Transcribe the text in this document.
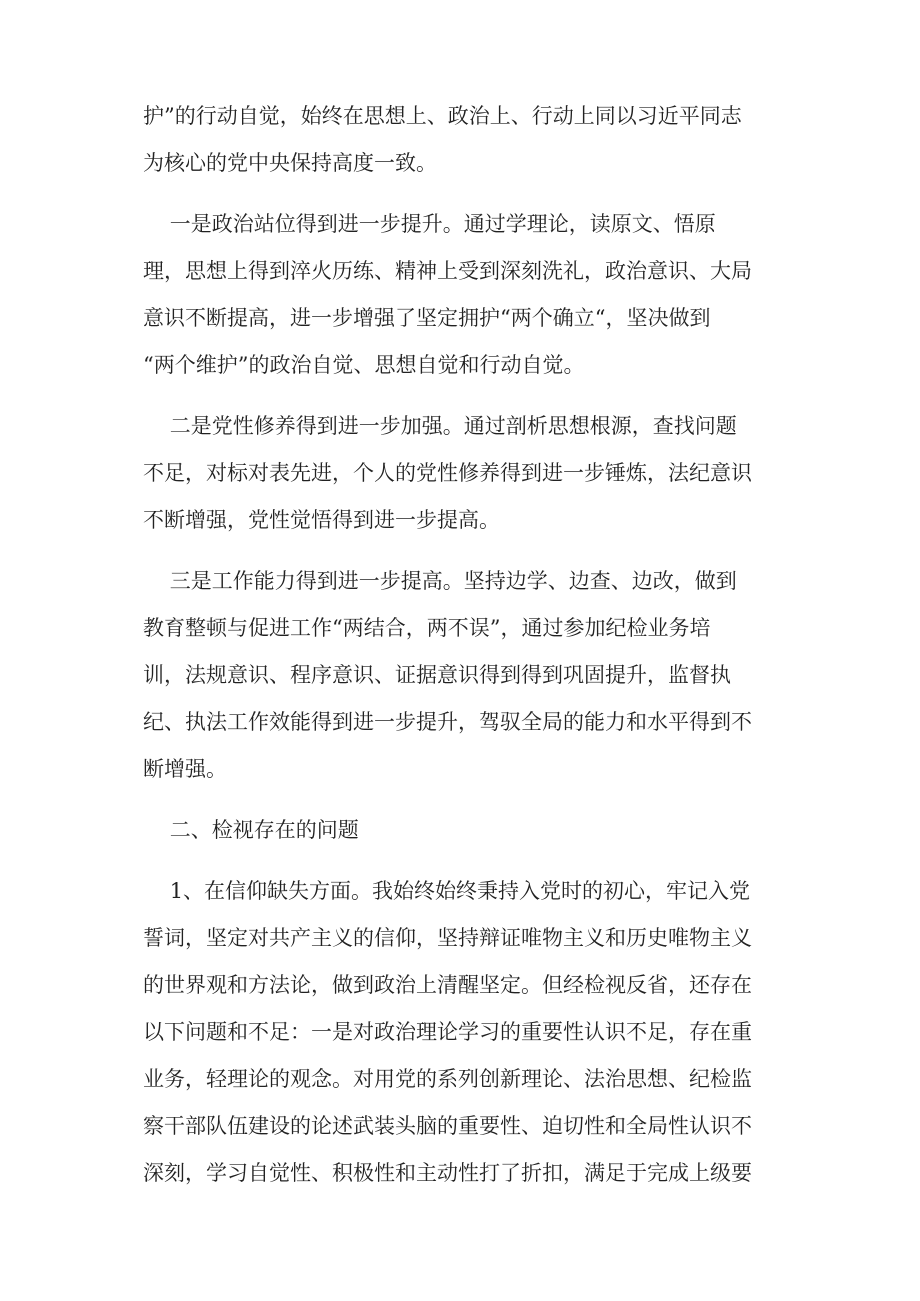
护”的行动自觉，始终在思想上、政治上、行动上同以习近平同志
为核心的党中央保持高度一致。
一是政治站位得到进一步提升。通过学理论，读原文、悟原
理，思想上得到淬火历练、精神上受到深刻洗礼，政治意识、大局
意识不断提高，进一步增强了坚定拥护“两个确立“，坚决做到
“两个维护”的政治自觉、思想自觉和行动自觉。
二是党性修养得到进一步加强。通过剖析思想根源，查找问题
不足，对标对表先进，个人的党性修养得到进一步锤炼，法纪意识
不断增强，党性觉悟得到进一步提高。
三是工作能力得到进一步提高。坚持边学、边查、边改，做到
教育整顿与促进工作“两结合，两不误”，通过参加纪检业务培
训，法规意识、程序意识、证据意识得到得到巩固提升，监督执
纪、执法工作效能得到进一步提升，驾驭全局的能力和水平得到不
断增强。
二、检视存在的问题
1、在信仰缺失方面。我始终始终秉持入党时的初心，牢记入党
誓词，坚定对共产主义的信仰，坚持辩证唯物主义和历史唯物主义
的世界观和方法论，做到政治上清醒坚定。但经检视反省，还存在
以下问题和不足：一是对政治理论学习的重要性认识不足，存在重
业务，轻理论的观念。对用党的系列创新理论、法治思想、纪检监
察干部队伍建设的论述武装头脑的重要性、迫切性和全局性认识不
深刻，学习自觉性、积极性和主动性打了折扣，满足于完成上级要
